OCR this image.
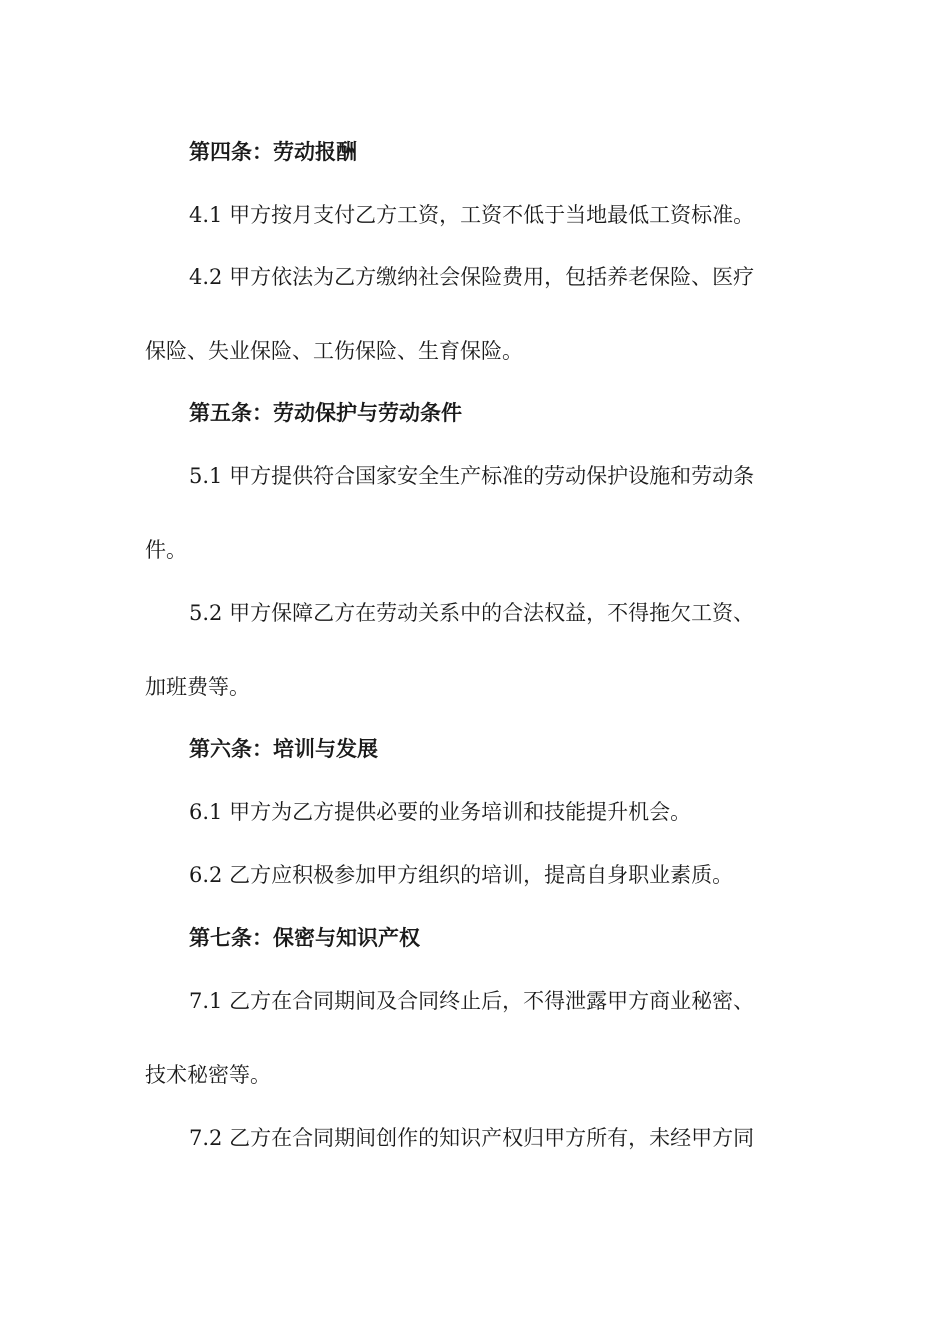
第四条：劳动报酬
4.1 甲方按月支付乙方工资，工资不低于当地最低工资标准。
4.2 甲方依法为乙方缴纳社会保险费用，包括养老保险、医疗
保险、失业保险、工伤保险、生育保险。
第五条：劳动保护与劳动条件
5.1 甲方提供符合国家安全生产标准的劳动保护设施和劳动条
件。
5.2 甲方保障乙方在劳动关系中的合法权益，不得拖欠工资、
加班费等。
第六条：培训与发展
6.1 甲方为乙方提供必要的业务培训和技能提升机会。
6.2 乙方应积极参加甲方组织的培训，提高自身职业素质。
第七条：保密与知识产权
7.1 乙方在合同期间及合同终止后，不得泄露甲方商业秘密、
技术秘密等。
7.2 乙方在合同期间创作的知识产权归甲方所有，未经甲方同
